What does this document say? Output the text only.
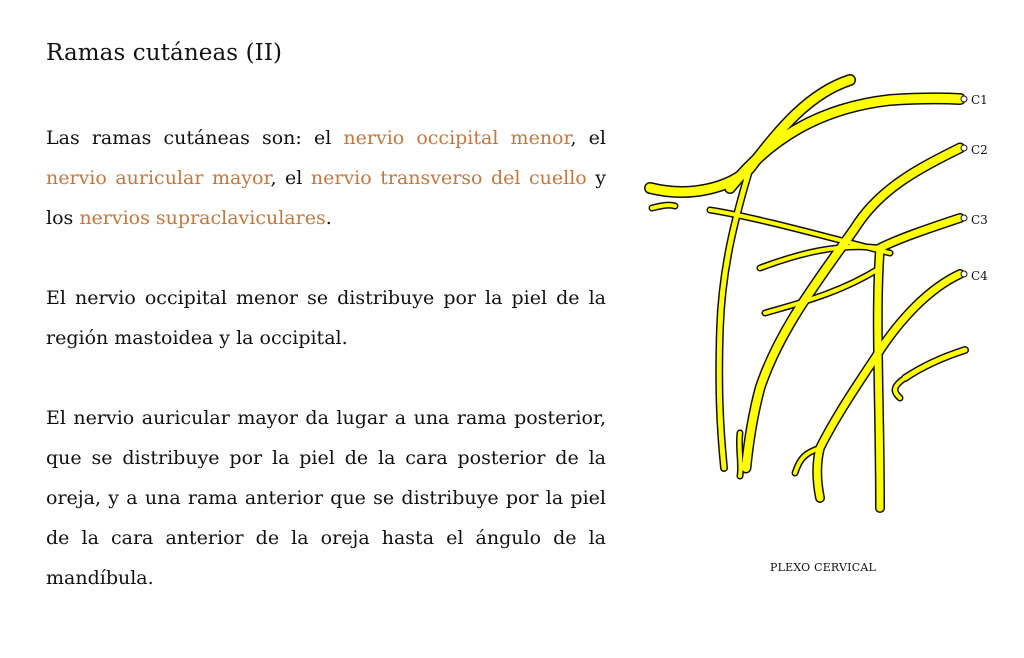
Ramas cutáneas (II)

Las ramas cutáneas son: el nervio occipital menor, el nervio auricular mayor, el nervio transverso del cuello y los nervios supraclaviculares.

El nervio occipital menor se distribuye por la piel de la región mastoidea y la occipital.

El nervio auricular mayor da lugar a una rama posterior, que se distribuye por la piel de la cara posterior de la oreja, y a una rama anterior que se distribuye por la piel de la cara anterior de la oreja hasta el ángulo de la mandíbula.

C1
C2
C3
C4
PLEXO CERVICAL
